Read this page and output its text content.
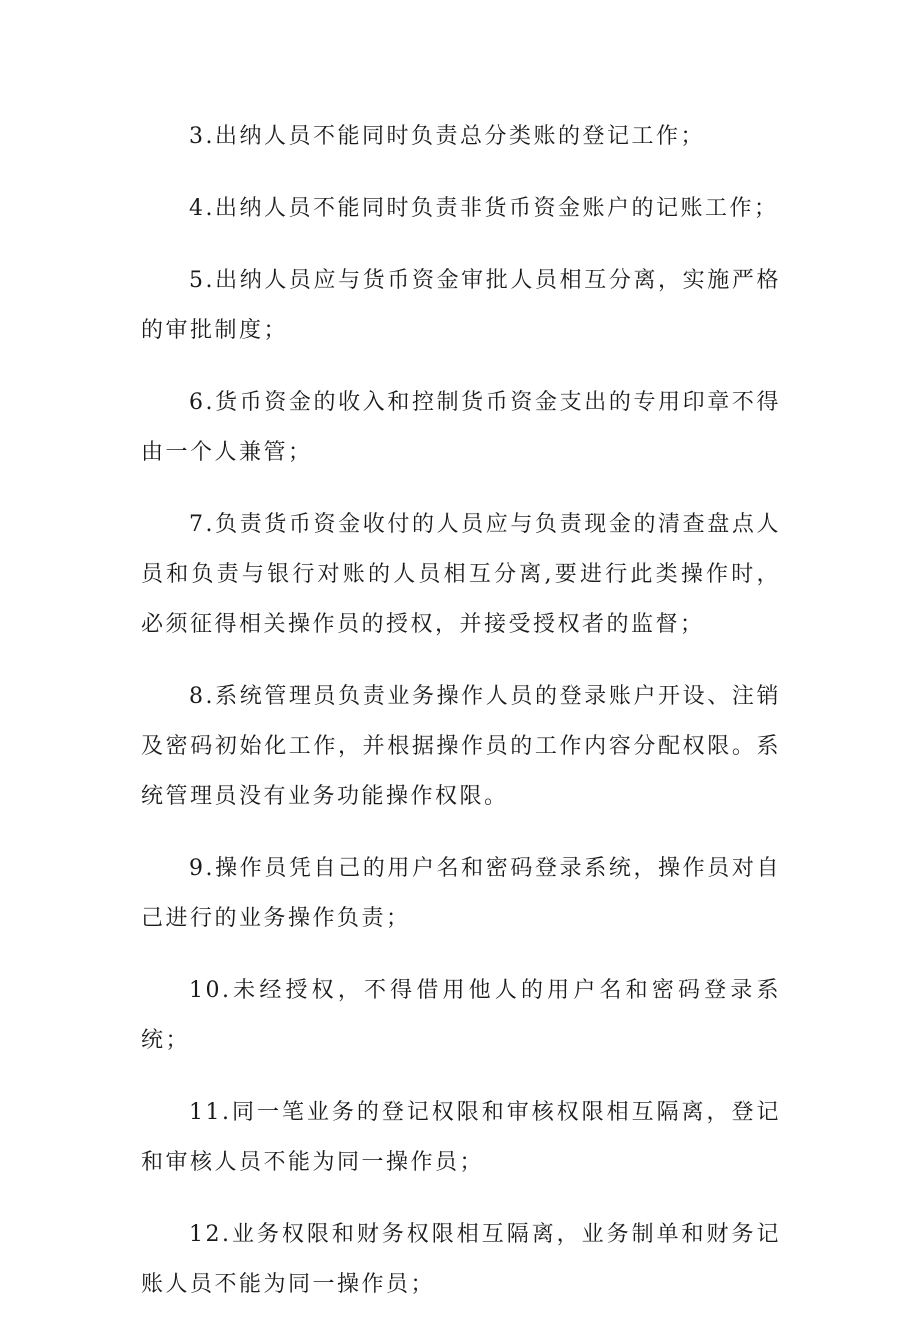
3.出纳人员不能同时负责总分类账的登记工作；

4.出纳人员不能同时负责非货币资金账户的记账工作；

5.出纳人员应与货币资金审批人员相互分离，实施严格的审批制度；

6.货币资金的收入和控制货币资金支出的专用印章不得由一个人兼管；

7.负责货币资金收付的人员应与负责现金的清查盘点人员和负责与银行对账的人员相互分离,要进行此类操作时，必须征得相关操作员的授权，并接受授权者的监督；

8.系统管理员负责业务操作人员的登录账户开设、注销及密码初始化工作，并根据操作员的工作内容分配权限。系统管理员没有业务功能操作权限。

9.操作员凭自己的用户名和密码登录系统，操作员对自己进行的业务操作负责；

10.未经授权，不得借用他人的用户名和密码登录系统；

11.同一笔业务的登记权限和审核权限相互隔离，登记和审核人员不能为同一操作员；

12.业务权限和财务权限相互隔离，业务制单和财务记账人员不能为同一操作员；
